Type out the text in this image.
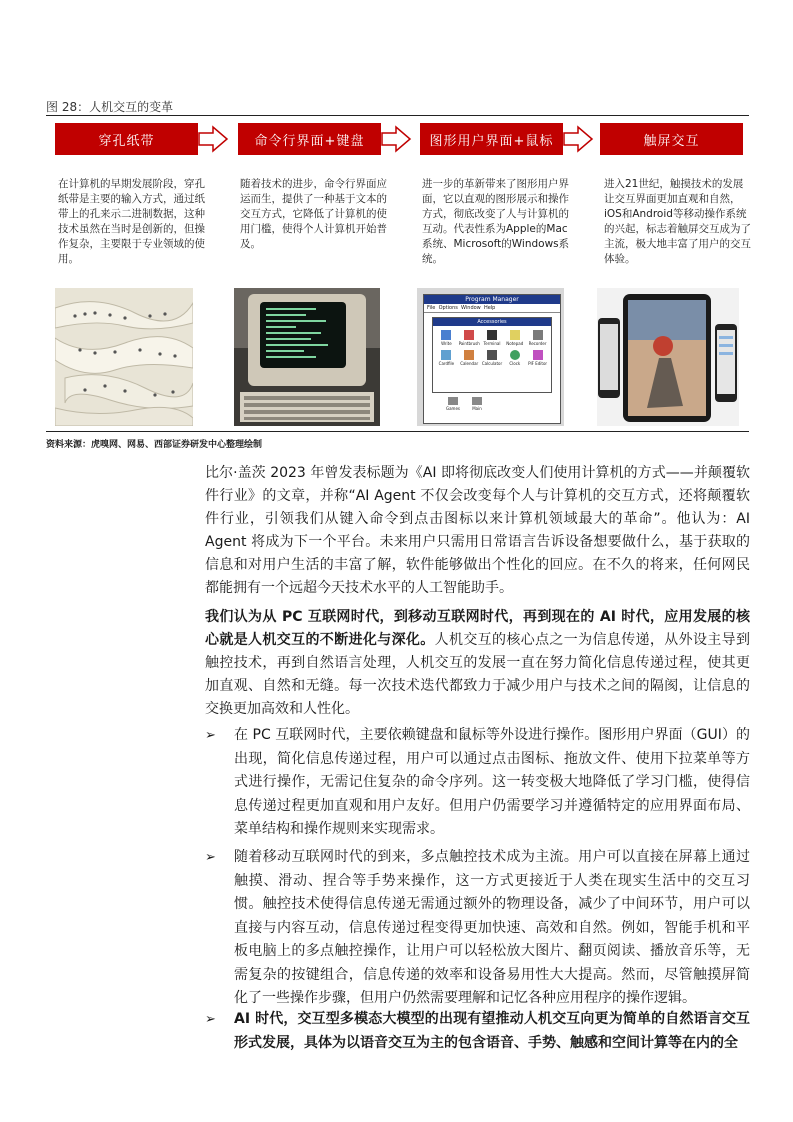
图 28：人机交互的变革
穿孔纸带	命令行界面+键盘	图形用户界面+鼠标	触屏交互
在计算机的早期发展阶段，穿孔纸带是主要的输入方式，通过纸带上的孔来示二进制数据，这种技术虽然在当时是创新的，但操作复杂，主要限于专业领域的使用。
随着技术的进步，命令行界面应运而生，提供了一种基于文本的交互方式，它降低了计算机的使用门槛，使得个人计算机开始普及。
进一步的革新带来了图形用户界面，它以直观的图形展示和操作方式，彻底改变了人与计算机的互动。代表性系为Apple的Mac系统、Microsoft的Windows系统。
进入21世纪，触摸技术的发展让交互界面更加直观和自然，iOS和Android等移动操作系统的兴起，标志着触屏交互成为了主流，极大地丰富了用户的交互体验。
Program Manager
File Options Window Help
Accessories
Write	Paintbrush Terminal	Notepad	Recorder
Cardfile	Calendar Calculator	Clock	PIF Editor
Games	Main
资料来源：虎嗅网、网易、西部证券研发中心整理绘制

比尔·盖茨 2023 年曾发表标题为《AI 即将彻底改变人们使用计算机的方式——并颠覆软件行业》的文章，并称“AI Agent 不仅会改变每个人与计算机的交互方式，还将颠覆软件行业，引领我们从键入命令到点击图标以来计算机领域最大的革命”。他认为：AI Agent 将成为下一个平台。未来用户只需用日常语言告诉设备想要做什么，基于获取的信息和对用户生活的丰富了解，软件能够做出个性化的回应。在不久的将来，任何网民都能拥有一个远超今天技术水平的人工智能助手。

我们认为从 PC 互联网时代，到移动互联网时代，再到现在的 AI 时代，应用发展的核心就是人机交互的不断进化与深化。人机交互的核心点之一为信息传递，从外设主导到触控技术，再到自然语言处理，人机交互的发展一直在努力简化信息传递过程，使其更加直观、自然和无缝。每一次技术迭代都致力于减少用户与技术之间的隔阂，让信息的交换更加高效和人性化。

➢ 在 PC 互联网时代，主要依赖键盘和鼠标等外设进行操作。图形用户界面（GUI）的出现，简化信息传递过程，用户可以通过点击图标、拖放文件、使用下拉菜单等方式进行操作，无需记住复杂的命令序列。这一转变极大地降低了学习门槛，使得信息传递过程更加直观和用户友好。但用户仍需要学习并遵循特定的应用界面布局、菜单结构和操作规则来实现需求。

➢ 随着移动互联网时代的到来，多点触控技术成为主流。用户可以直接在屏幕上通过触摸、滑动、捏合等手势来操作，这一方式更接近于人类在现实生活中的交互习惯。触控技术使得信息传递无需通过额外的物理设备，减少了中间环节，用户可以直接与内容互动，信息传递过程变得更加快速、高效和自然。例如，智能手机和平板电脑上的多点触控操作，让用户可以轻松放大图片、翻页阅读、播放音乐等，无需复杂的按键组合，信息传递的效率和设备易用性大大提高。然而，尽管触摸屏简化了一些操作步骤，但用户仍然需要理解和记忆各种应用程序的操作逻辑。

➢ AI 时代，交互型多模态大模型的出现有望推动人机交互向更为简单的自然语言交互形式发展，具体为以语音交互为主的包含语音、手势、触感和空间计算等在内的全
